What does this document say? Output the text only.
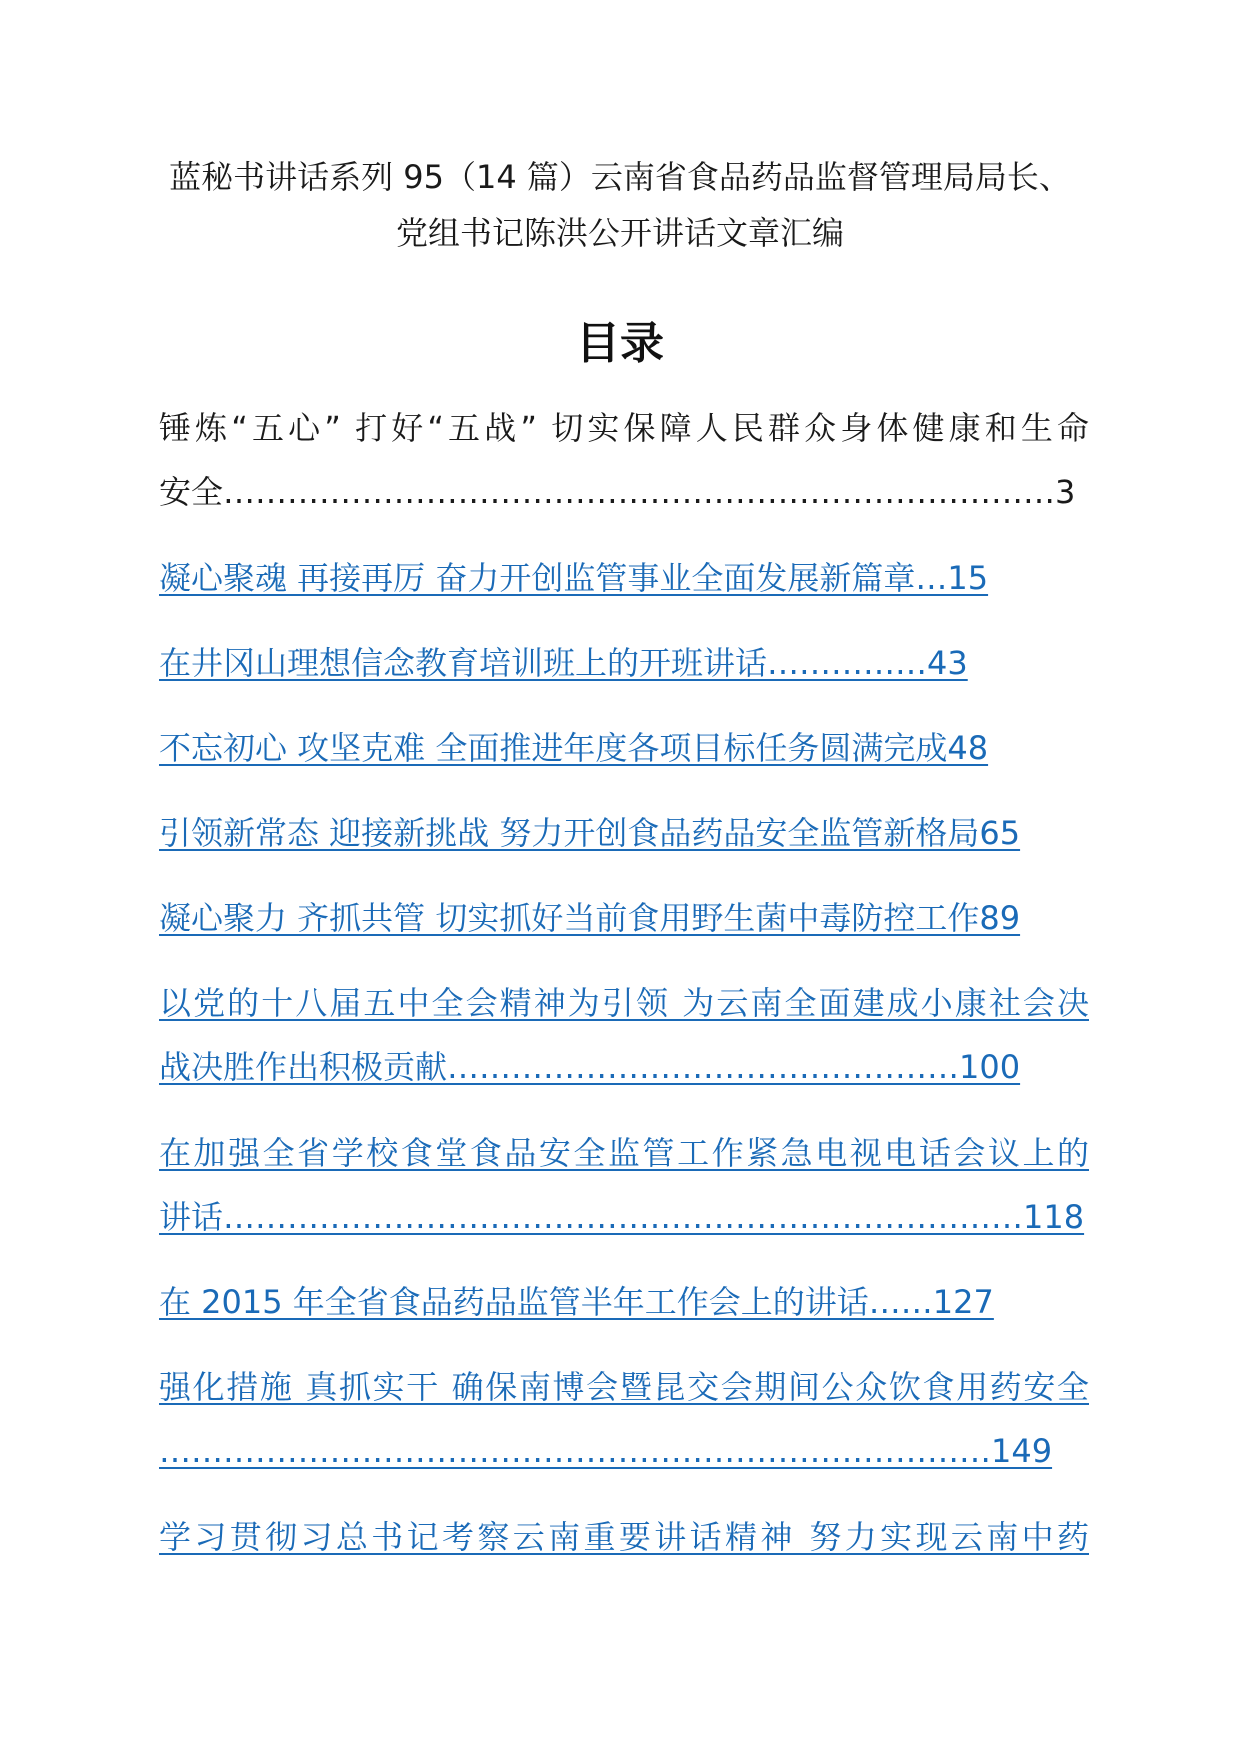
蓝秘书讲话系列 95（14 篇）云南省食品药品监督管理局局长、

党组书记陈洪公开讲话文章汇编

目录

锤炼“五心” 打好“五战” 切实保障人民群众身体健康和生命

安全……………………………………………………………………3

凝心聚魂 再接再厉 奋力开创监管事业全面发展新篇章…15
在井冈山理想信念教育培训班上的开班讲话……………43
不忘初心 攻坚克难 全面推进年度各项目标任务圆满完成48
引领新常态 迎接新挑战 努力开创食品药品安全监管新格局65
凝心聚力 齐抓共管 切实抓好当前食用野生菌中毒防控工作89
以党的十八届五中全会精神为引领 为云南全面建成小康社会决
战决胜作出积极贡献…………………………………………100
在加强全省学校食堂食品安全监管工作紧急电视电话会议上的
讲话…………………………………………………………………118
在 2015 年全省食品药品监管半年工作会上的讲话……127
强化措施 真抓实干 确保南博会暨昆交会期间公众饮食用药安全
……………………………………………………………………149
学习贯彻习总书记考察云南重要讲话精神 努力实现云南中药
